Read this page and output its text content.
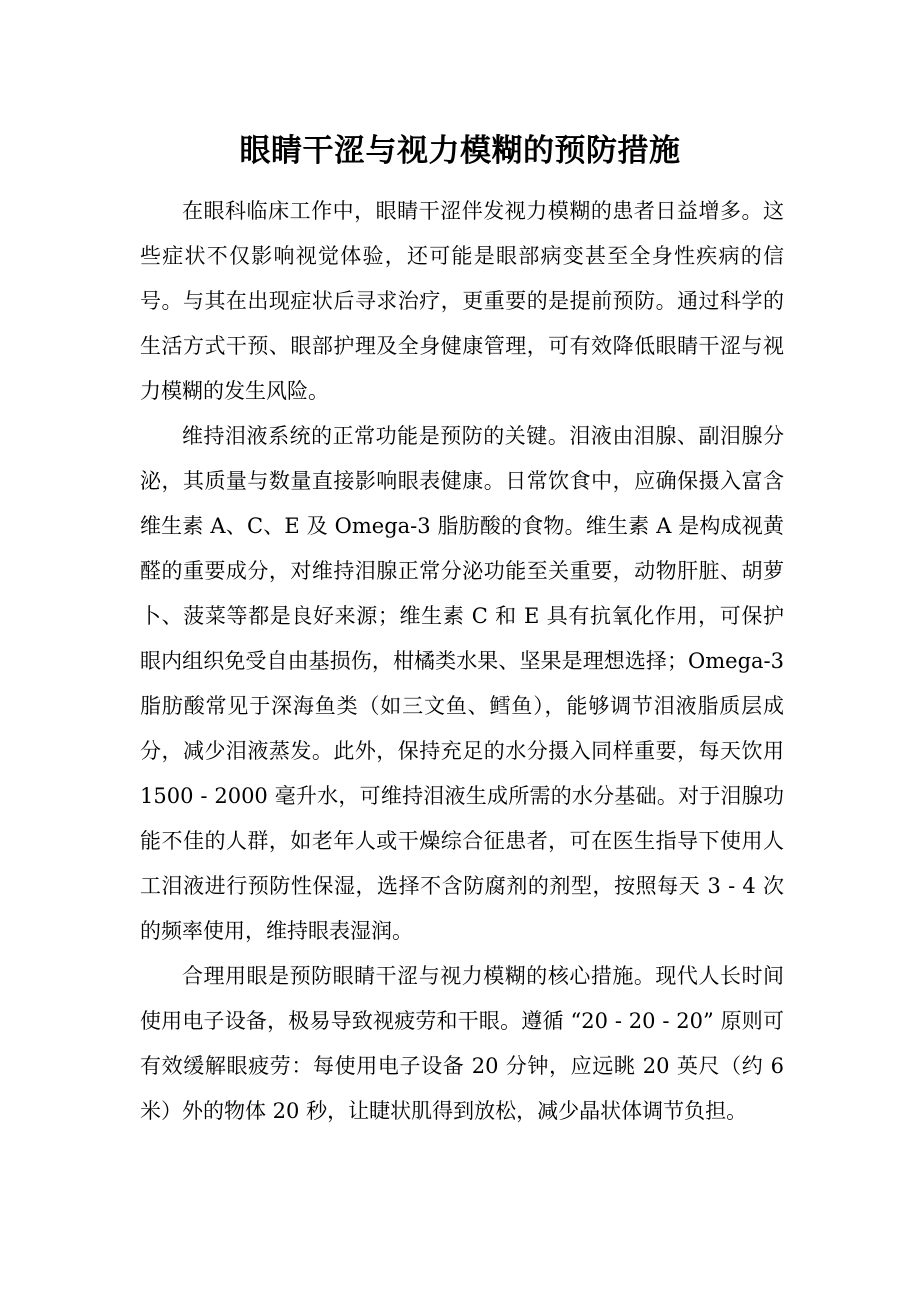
眼睛干涩与视力模糊的预防措施

在眼科临床工作中，眼睛干涩伴发视力模糊的患者日益增多。这些症状不仅影响视觉体验，还可能是眼部病变甚至全身性疾病的信号。与其在出现症状后寻求治疗，更重要的是提前预防。通过科学的生活方式干预、眼部护理及全身健康管理，可有效降低眼睛干涩与视力模糊的发生风险。

维持泪液系统的正常功能是预防的关键。泪液由泪腺、副泪腺分泌，其质量与数量直接影响眼表健康。日常饮食中，应确保摄入富含维生素 A、C、E 及 Omega-3 脂肪酸的食物。维生素 A 是构成视黄醛的重要成分，对维持泪腺正常分泌功能至关重要，动物肝脏、胡萝卜、菠菜等都是良好来源；维生素 C 和 E 具有抗氧化作用，可保护眼内组织免受自由基损伤，柑橘类水果、坚果是理想选择；Omega-3 脂肪酸常见于深海鱼类（如三文鱼、鳕鱼），能够调节泪液脂质层成分，减少泪液蒸发。此外，保持充足的水分摄入同样重要，每天饮用 1500 - 2000 毫升水，可维持泪液生成所需的水分基础。对于泪腺功能不佳的人群，如老年人或干燥综合征患者，可在医生指导下使用人工泪液进行预防性保湿，选择不含防腐剂的剂型，按照每天 3 - 4 次的频率使用，维持眼表湿润。

合理用眼是预防眼睛干涩与视力模糊的核心措施。现代人长时间使用电子设备，极易导致视疲劳和干眼。遵循 “20 - 20 - 20” 原则可有效缓解眼疲劳：每使用电子设备 20 分钟，应远眺 20 英尺（约 6 米）外的物体 20 秒，让睫状肌得到放松，减少晶状体调节负担。
